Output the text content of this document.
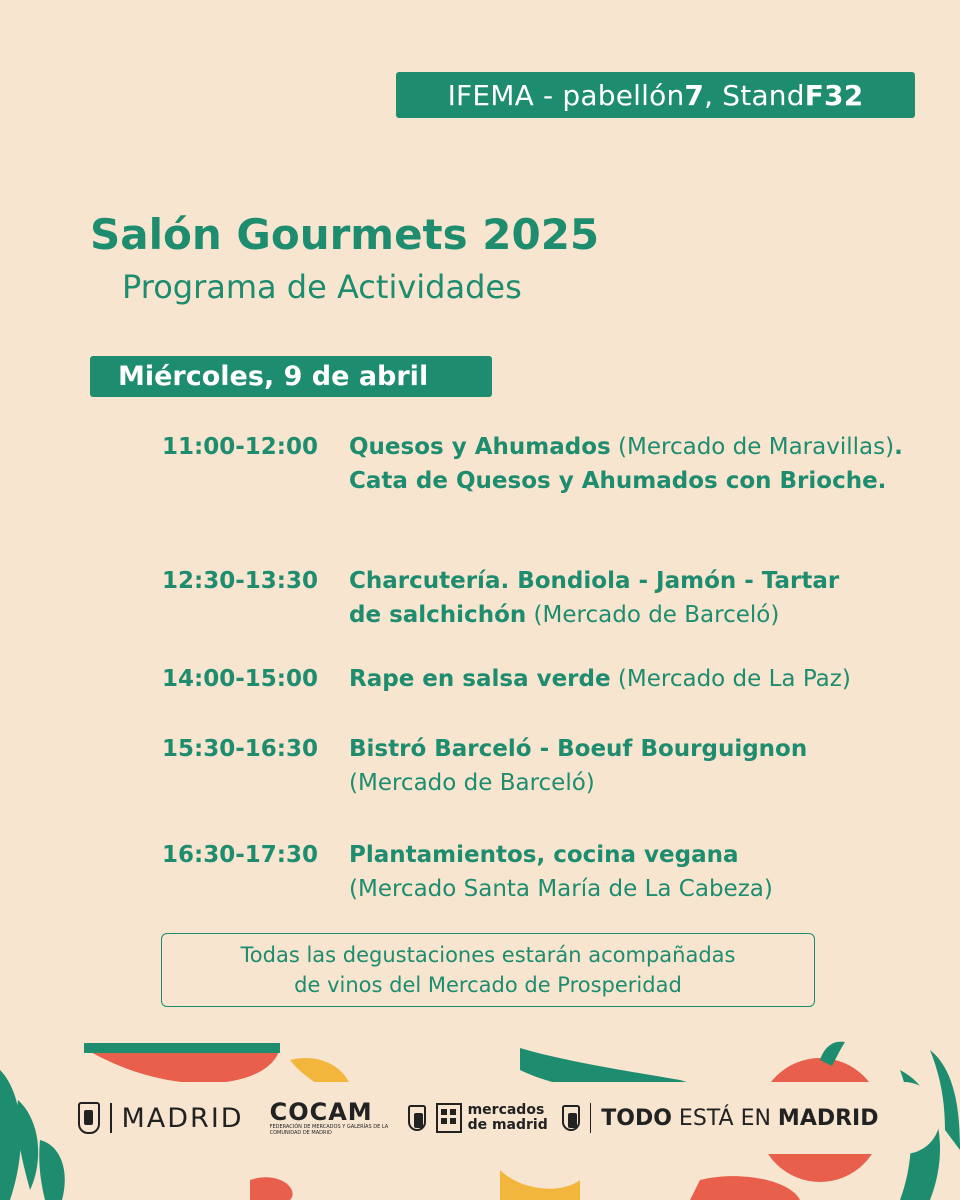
IFEMA - pabellón 7 , Stand F32
Salón Gourmets 2025
Programa de Actividades
Miércoles, 9 de abril
11:00-12:00 Quesos y Ahumados (Mercado de Maravillas). Cata de Quesos y Ahumados con Brioche.
12:30-13:30 Charcutería. Bondiola - Jamón - Tartar de salchichón (Mercado de Barceló)
14:00-15:00 Rape en salsa verde (Mercado de La Paz)
15:30-16:30 Bistró Barceló - Boeuf Bourguignon (Mercado de Barceló)
16:30-17:30 Plantamientos, cocina vegana (Mercado Santa María de La Cabeza)
Todas las degustaciones estarán acompañadas
de vinos del Mercado de Prosperidad
MADRID COCAM
FEDERACIÓN DE MERCADOS Y GALERÍAS DE LA COMUNIDAD DE MADRID
mercados
de madrid TODO ESTÁ EN MADRID
